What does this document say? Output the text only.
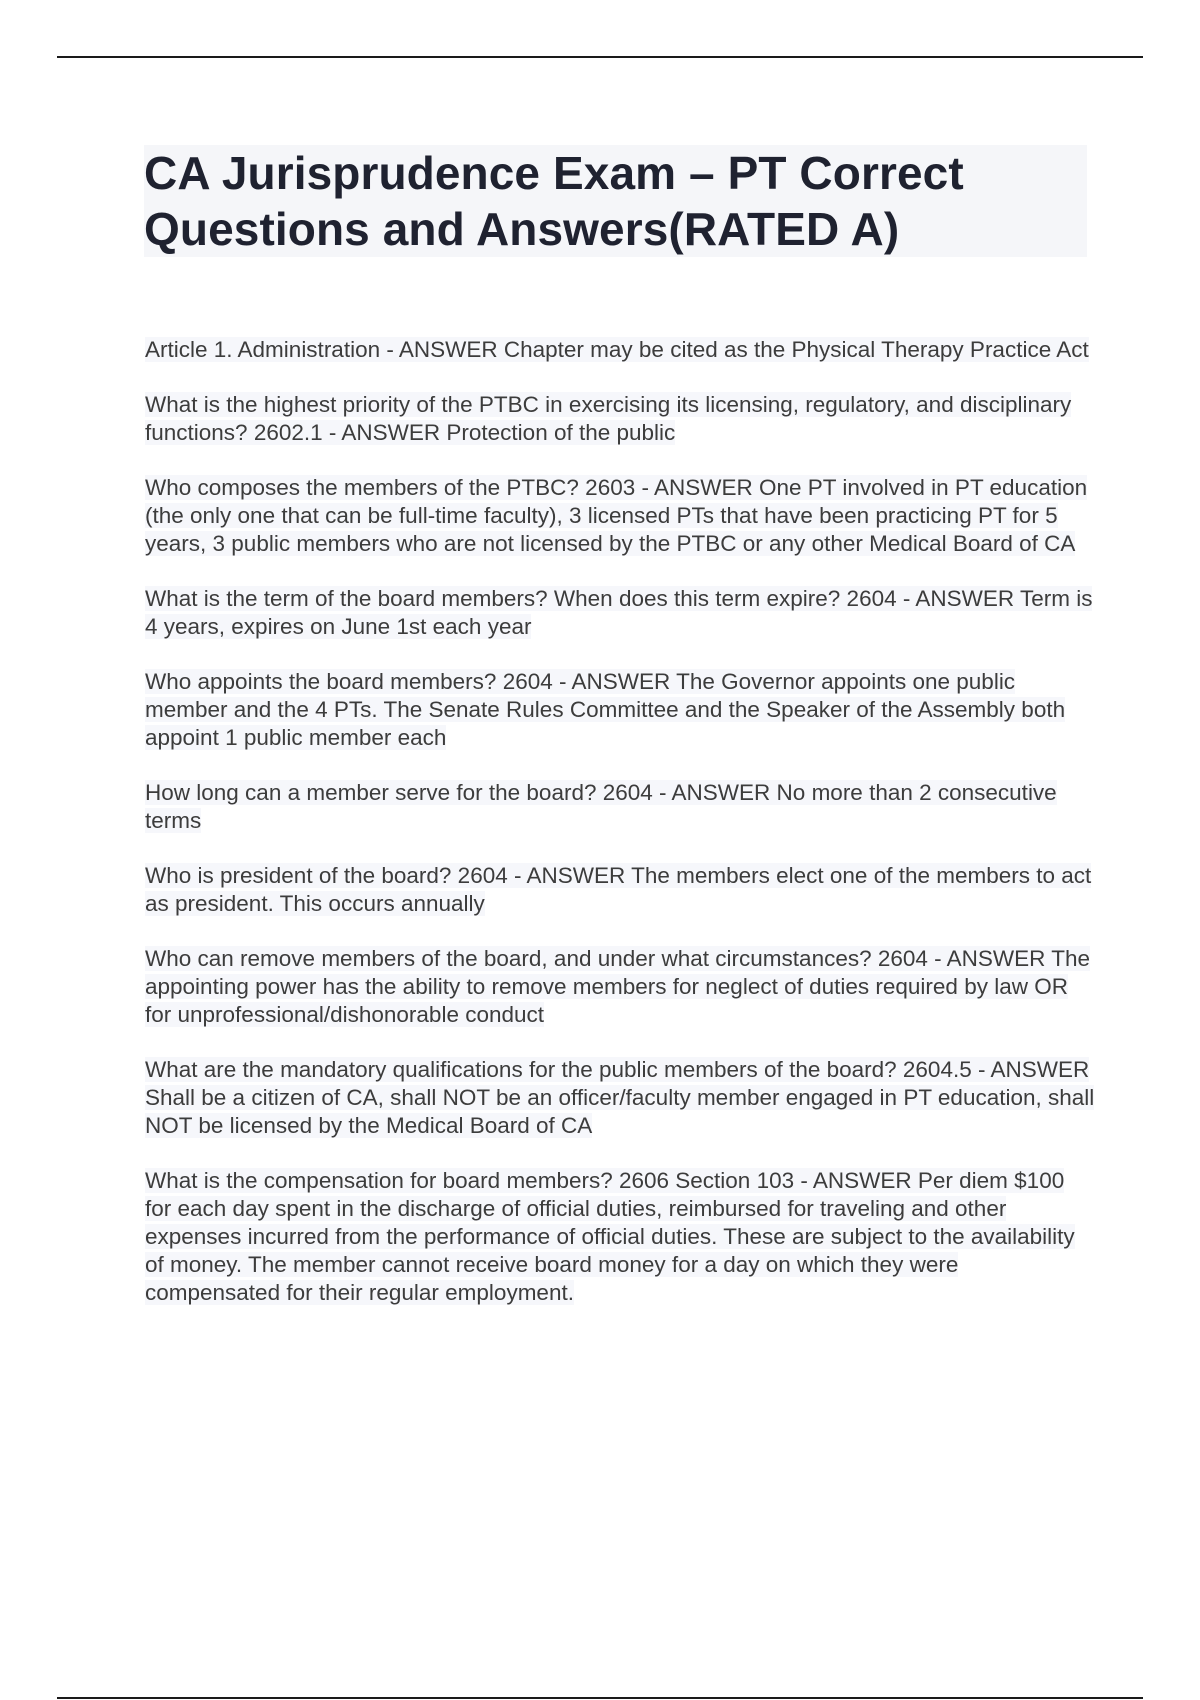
CA Jurisprudence Exam – PT Correct Questions and Answers(RATED A)

Article 1. Administration - ANSWER Chapter may be cited as the Physical Therapy Practice Act

What is the highest priority of the PTBC in exercising its licensing, regulatory, and disciplinary functions? 2602.1 - ANSWER Protection of the public

Who composes the members of the PTBC? 2603 - ANSWER One PT involved in PT education (the only one that can be full-time faculty), 3 licensed PTs that have been practicing PT for 5 years, 3 public members who are not licensed by the PTBC or any other Medical Board of CA

What is the term of the board members? When does this term expire? 2604 - ANSWER Term is 4 years, expires on June 1st each year

Who appoints the board members? 2604 - ANSWER The Governor appoints one public member and the 4 PTs. The Senate Rules Committee and the Speaker of the Assembly both appoint 1 public member each

How long can a member serve for the board? 2604 - ANSWER No more than 2 consecutive terms

Who is president of the board? 2604 - ANSWER The members elect one of the members to act as president. This occurs annually

Who can remove members of the board, and under what circumstances? 2604 - ANSWER The appointing power has the ability to remove members for neglect of duties required by law OR for unprofessional/dishonorable conduct

What are the mandatory qualifications for the public members of the board? 2604.5 - ANSWER Shall be a citizen of CA, shall NOT be an officer/faculty member engaged in PT education, shall NOT be licensed by the Medical Board of CA

What is the compensation for board members? 2606 Section 103 - ANSWER Per diem $100 for each day spent in the discharge of official duties, reimbursed for traveling and other expenses incurred from the performance of official duties. These are subject to the availability of money. The member cannot receive board money for a day on which they were compensated for their regular employment.
